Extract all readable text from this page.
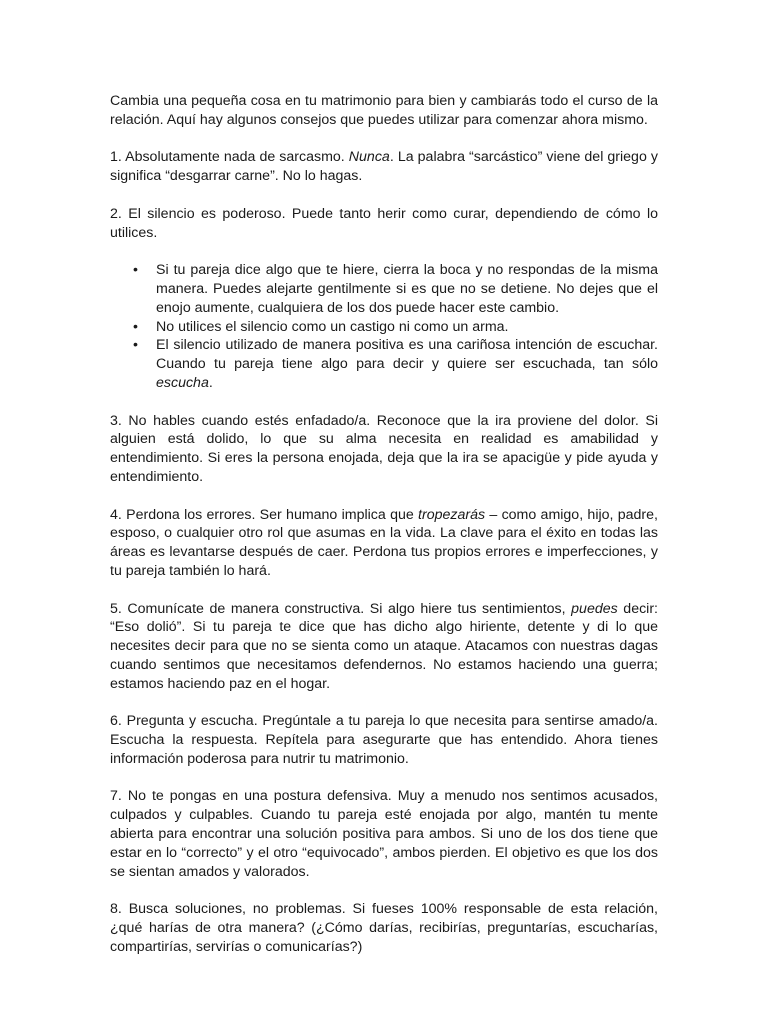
Cambia una pequeña cosa en tu matrimonio para bien y cambiarás todo el curso de la relación. Aquí hay algunos consejos que puedes utilizar para comenzar ahora mismo.

1. Absolutamente nada de sarcasmo. Nunca. La palabra “sarcástico” viene del griego y significa “desgarrar carne”. No lo hagas.

2. El silencio es poderoso. Puede tanto herir como curar, dependiendo de cómo lo utilices.

• Si tu pareja dice algo que te hiere, cierra la boca y no respondas de la misma manera. Puedes alejarte gentilmente si es que no se detiene. No dejes que el enojo aumente, cualquiera de los dos puede hacer este cambio.
• No utilices el silencio como un castigo ni como un arma.
• El silencio utilizado de manera positiva es una cariñosa intención de escuchar. Cuando tu pareja tiene algo para decir y quiere ser escuchada, tan sólo escucha.

3. No hables cuando estés enfadado/a. Reconoce que la ira proviene del dolor. Si alguien está dolido, lo que su alma necesita en realidad es amabilidad y entendimiento. Si eres la persona enojada, deja que la ira se apacigüe y pide ayuda y entendimiento.

4. Perdona los errores. Ser humano implica que tropezarás – como amigo, hijo, padre, esposo, o cualquier otro rol que asumas en la vida. La clave para el éxito en todas las áreas es levantarse después de caer. Perdona tus propios errores e imperfecciones, y tu pareja también lo hará.

5. Comunícate de manera constructiva. Si algo hiere tus sentimientos, puedes decir: “Eso dolió”. Si tu pareja te dice que has dicho algo hiriente, detente y di lo que necesites decir para que no se sienta como un ataque. Atacamos con nuestras dagas cuando sentimos que necesitamos defendernos. No estamos haciendo una guerra; estamos haciendo paz en el hogar.

6. Pregunta y escucha. Pregúntale a tu pareja lo que necesita para sentirse amado/a. Escucha la respuesta. Repítela para asegurarte que has entendido. Ahora tienes información poderosa para nutrir tu matrimonio.

7. No te pongas en una postura defensiva. Muy a menudo nos sentimos acusados, culpados y culpables. Cuando tu pareja esté enojada por algo, mantén tu mente abierta para encontrar una solución positiva para ambos. Si uno de los dos tiene que estar en lo “correcto” y el otro “equivocado”, ambos pierden. El objetivo es que los dos se sientan amados y valorados.

8. Busca soluciones, no problemas. Si fueses 100% responsable de esta relación, ¿qué harías de otra manera? (¿Cómo darías, recibirías, preguntarías, escucharías, compartirías, servirías o comunicarías?)
